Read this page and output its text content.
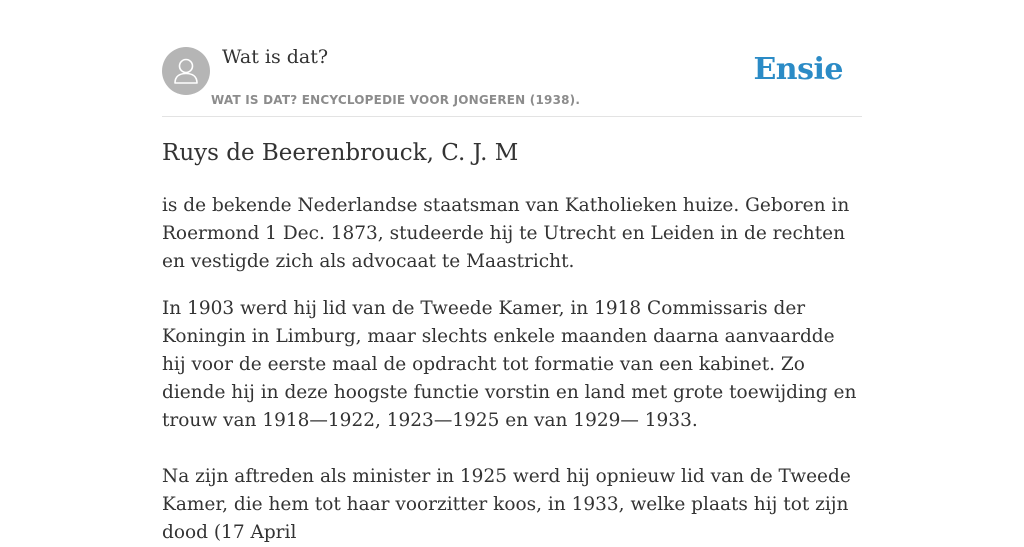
Wat is dat?
WAT IS DAT? ENCYCLOPEDIE VOOR JONGEREN (1938).
Ensie
Ruys de Beerenbrouck, C. J. M

is de bekende Nederlandse staatsman van Katholieken huize. Geboren in Roermond 1 Dec. 1873, studeerde hij te Utrecht en Leiden in de rechten en vestigde zich als advocaat te Maastricht.

In 1903 werd hij lid van de Tweede Kamer, in 1918 Commissaris der Koningin in Limburg, maar slechts enkele maanden daarna aanvaardde hij voor de eerste maal de opdracht tot formatie van een kabinet. Zo diende hij in deze hoogste functie vorstin en land met grote toewijding en trouw van 1918—1922, 1923—1925 en van 1929— 1933.

Na zijn aftreden als minister in 1925 werd hij opnieuw lid van de Tweede Kamer, die hem tot haar voorzitter koos, in 1933, welke plaats hij tot zijn dood (17 April
